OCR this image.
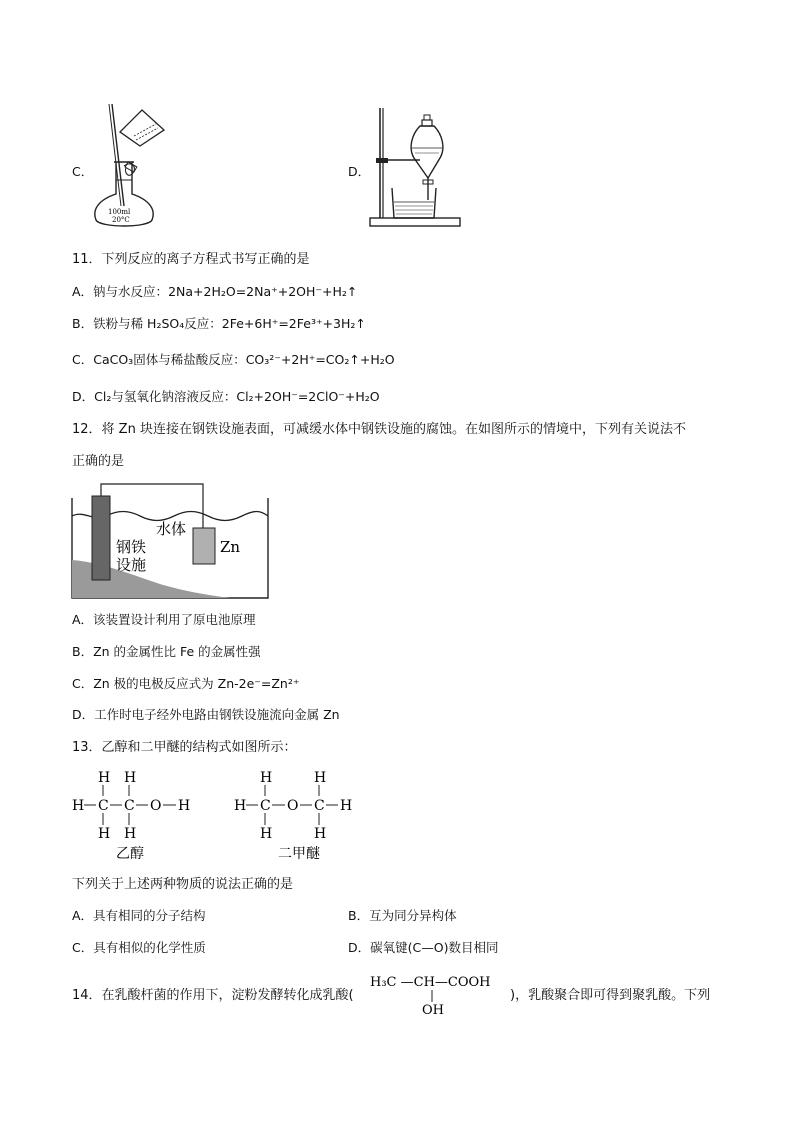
C．
100ml
20°C
D．
11．下列反应的离子方程式书写正确的是
A．钠与水反应：2Na+2H₂O=2Na⁺+2OH⁻+H₂↑
B．铁粉与稀 H₂SO₄反应：2Fe+6H⁺=2Fe³⁺+3H₂↑
C．CaCO₃固体与稀盐酸反应：CO₃²⁻+2H⁺=CO₂↑+H₂O
D．Cl₂与氢氧化钠溶液反应：Cl₂+2OH⁻=2ClO⁻+H₂O
12．将 Zn 块连接在钢铁设施表面，可减缓水体中钢铁设施的腐蚀。在如图所示的情境中，下列有关说法不
正确的是
水体
钢铁
设施
Zn
A．该装置设计利用了原电池原理
B．Zn 的金属性比 Fe 的金属性强
C．Zn 极的电极反应式为 Zn-2e⁻=Zn²⁺
D．工作时电子经外电路由钢铁设施流向金属 Zn
13．乙醇和二甲醚的结构式如图所示：
H H
H C C O H
H H
乙醇
H	H
H C O C H
H	H
二甲醚
下列关于上述两种物质的说法正确的是
A．具有相同的分子结构	B．互为同分异构体
C．具有相似的化学性质	D．碳氧键(C—O)数目相同
14．在乳酸杆菌的作用下，淀粉发酵转化成乳酸(
H₃C —CH—COOH
OH
)，乳酸聚合即可得到聚乳酸。下列
